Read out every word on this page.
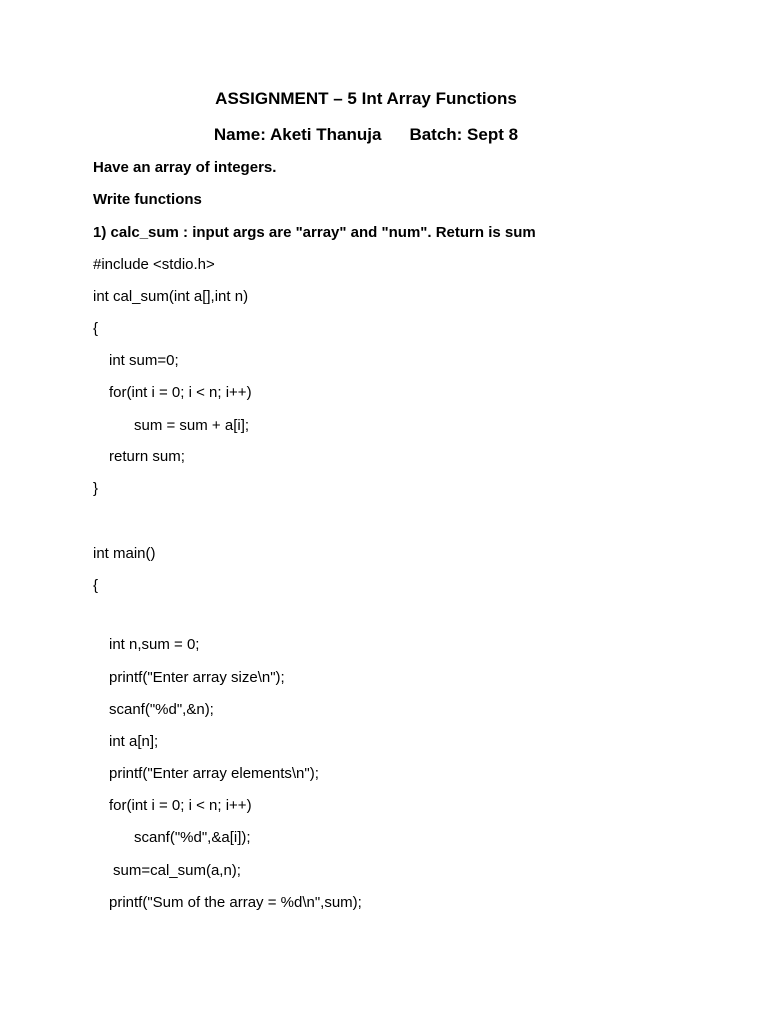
ASSIGNMENT – 5 Int Array Functions
Name: Aketi Thanuja Batch: Sept 8
Have an array of integers.
Write functions
1) calc_sum : input args are "array" and "num". Return is sum
#include <stdio.h>
int cal_sum(int a[],int n)
{
int sum=0;
for(int i = 0; i < n; i++)
sum = sum + a[i];
return sum;
}
int main()
{
int n,sum = 0;
printf("Enter array size\n");
scanf("%d",&n);
int a[n];
printf("Enter array elements\n");
for(int i = 0; i < n; i++)
scanf("%d",&a[i]);
sum=cal_sum(a,n);
printf("Sum of the array = %d\n",sum);
